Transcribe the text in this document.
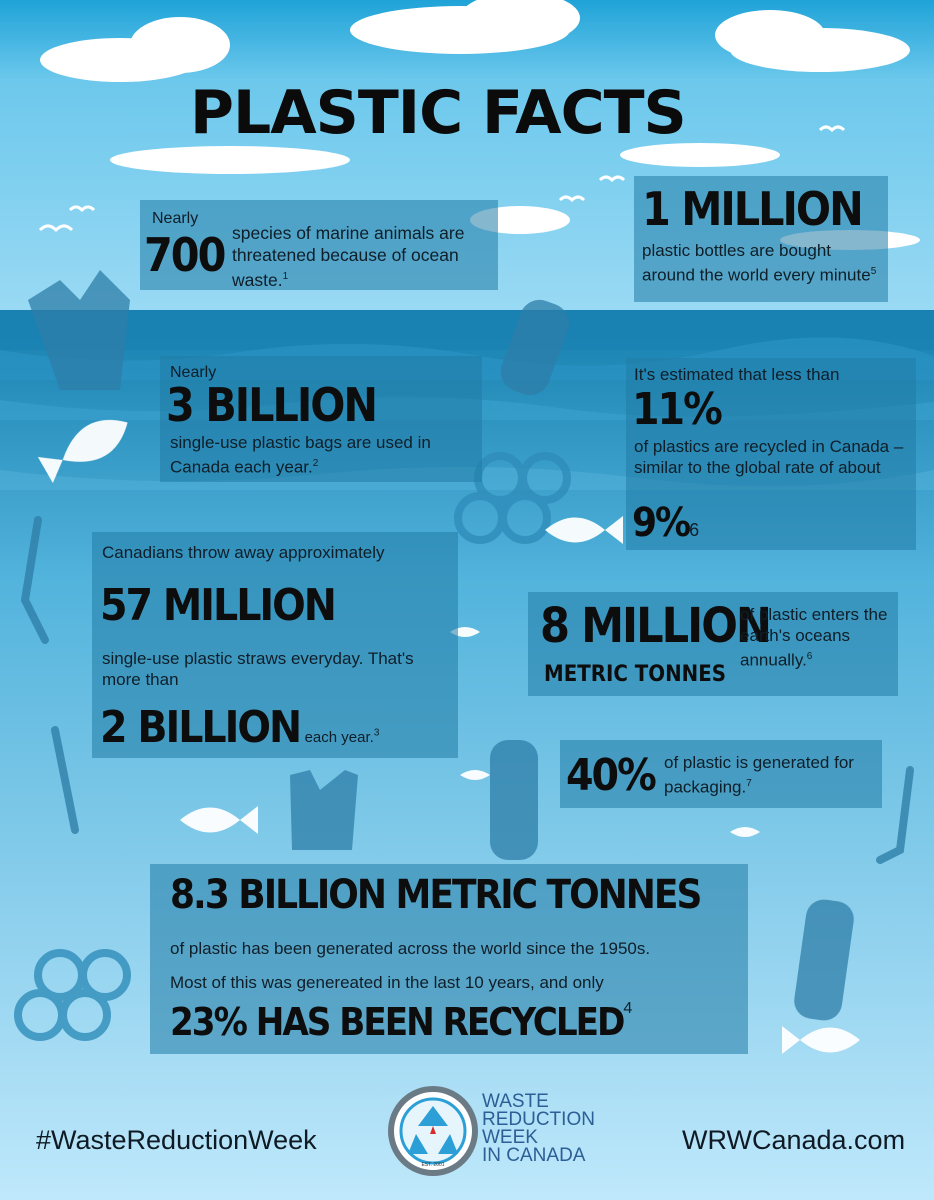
PLASTIC FACTS
Nearly
700 species of marine animals are threatened because of ocean waste.$^1$
1 MILLION
plastic bottles are bought around the world every minute$^5$
Nearly
3 BILLION
single-use plastic bags are used in Canada each year.$^2$
It's estimated that less than
11%
of plastics are recycled in Canada – similar to the global rate of about
9%6
Canadians throw away approximately
57 MILLION
single-use plastic straws everyday. That's more than
2 BILLION each year.$^3$
8 MILLION
METRIC TONNES
of plastic enters the earth's oceans annually.$^6$
40% of plastic is generated for packaging.$^7$
8.3 BILLION METRIC TONNES
of plastic has been generated across the world since the 1950s.
Most of this was genereated in the last 10 years, and only
23% HAS BEEN RECYCLED4
#WasteReductionWeek	WRWCanada.com
EST. 2001
WASTE
REDUCTION
WEEK
IN CANADA
